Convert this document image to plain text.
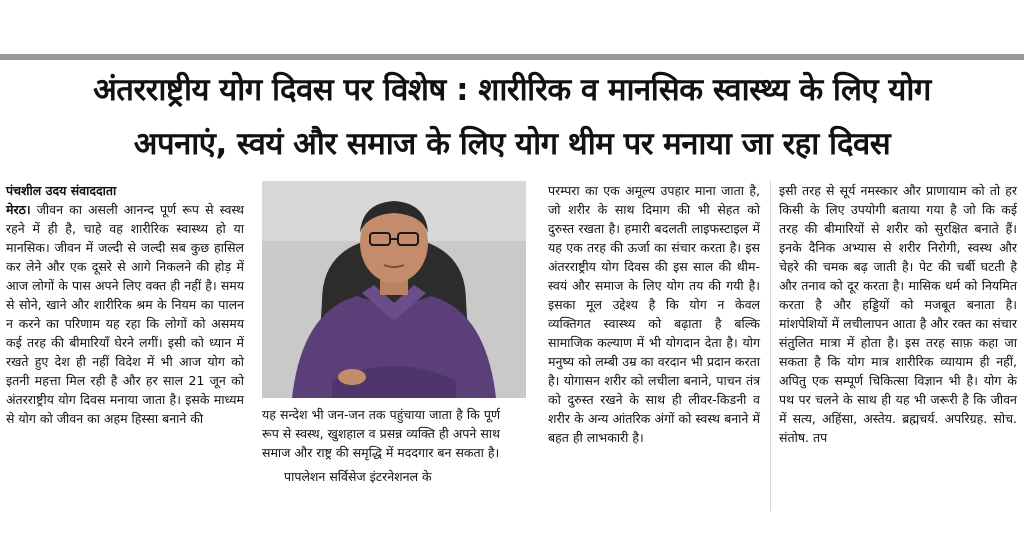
अंतरराष्ट्रीय योग दिवस पर विशेष : शारीरिक व मानसिक स्वास्थ्य के लिए योग
अपनाएं, स्वयं और समाज के लिए योग थीम पर मनाया जा रहा दिवस
पंचशील उदय संवाददाता

मेरठ। जीवन का असली आनन्द पूर्ण रूप से स्वस्थ रहने में ही है, चाहे वह शारीरिक स्वास्थ्य हो या मानसिक। जीवन में जल्दी से जल्दी सब कुछ हासिल कर लेने और एक दूसरे से आगे निकलने की होड़ में आज लोगों के पास अपने लिए वक्त ही नहीं है। समय से सोने, खाने और शारीरिक श्रम के नियम का पालन न करने का परिणाम यह रहा कि लोगों को असमय कई तरह की बीमारियाँ घेरने लगीं। इसी को ध्यान में रखते हुए देश ही नहीं विदेश में भी आज योग को इतनी महत्ता मिल रही है और हर साल 21 जून को अंतरराष्ट्रीय योग दिवस मनाया जाता है। इसके माध्यम से योग को जीवन का अहम हिस्सा बनाने की	यह सन्देश भी जन-जन तक पहुंचाया जाता है कि पूर्ण रूप से स्वस्थ, खुशहाल व प्रसन्न व्यक्ति ही अपने साथ समाज और राष्ट्र की समृद्धि में मददगार बन सकता है।

पापलेशन सर्विसेज इंटरनेशनल के

परम्परा का एक अमूल्य उपहार माना जाता है, जो शरीर के साथ दिमाग की भी सेहत को दुरुस्त रखता है। हमारी बदलती लाइफस्टाइल में यह एक तरह की ऊर्जा का संचार करता है। इस अंतरराष्ट्रीय योग दिवस की इस साल की थीम-स्वयं और समाज के लिए योग तय की गयी है। इसका मूल उद्देश्य है कि योग न केवल व्यक्तिगत स्वास्थ्य को बढ़ाता है बल्कि सामाजिक कल्याण में भी योगदान देता है। योग मनुष्य को लम्बी उम्र का वरदान भी प्रदान करता है। योगासन शरीर को लचीला बनाने, पाचन तंत्र को दुरुस्त रखने के साथ ही लीवर-किडनी व शरीर के अन्य आंतरिक अंगों को स्वस्थ बनाने में बहत ही लाभकारी है।

इसी तरह से सूर्य नमस्कार और प्राणायाम को तो हर किसी के लिए उपयोगी बताया गया है जो कि कई तरह की बीमारियों से शरीर को सुरक्षित बनाते हैं। इनके दैनिक अभ्यास से शरीर निरोगी, स्वस्थ और चेहरे की चमक बढ़ जाती है। पेट की चर्बी घटती है और तनाव को दूर करता है। मासिक धर्म को नियमित करता है और हड्डियों को मजबूत बनाता है। मांशपेशियों में लचीलापन आता है और रक्त का संचार संतुलित मात्रा में होता है। इस तरह साफ़ कहा जा सकता है कि योग मात्र शारीरिक व्यायाम ही नहीं, अपितु एक सम्पूर्ण चिकित्सा विज्ञान भी है। योग के पथ पर चलने के साथ ही यह भी जरूरी है कि जीवन में सत्य, अहिंसा, अस्तेय. ब्रह्मचर्य. अपरिग्रह. सोच. संतोष. तप
